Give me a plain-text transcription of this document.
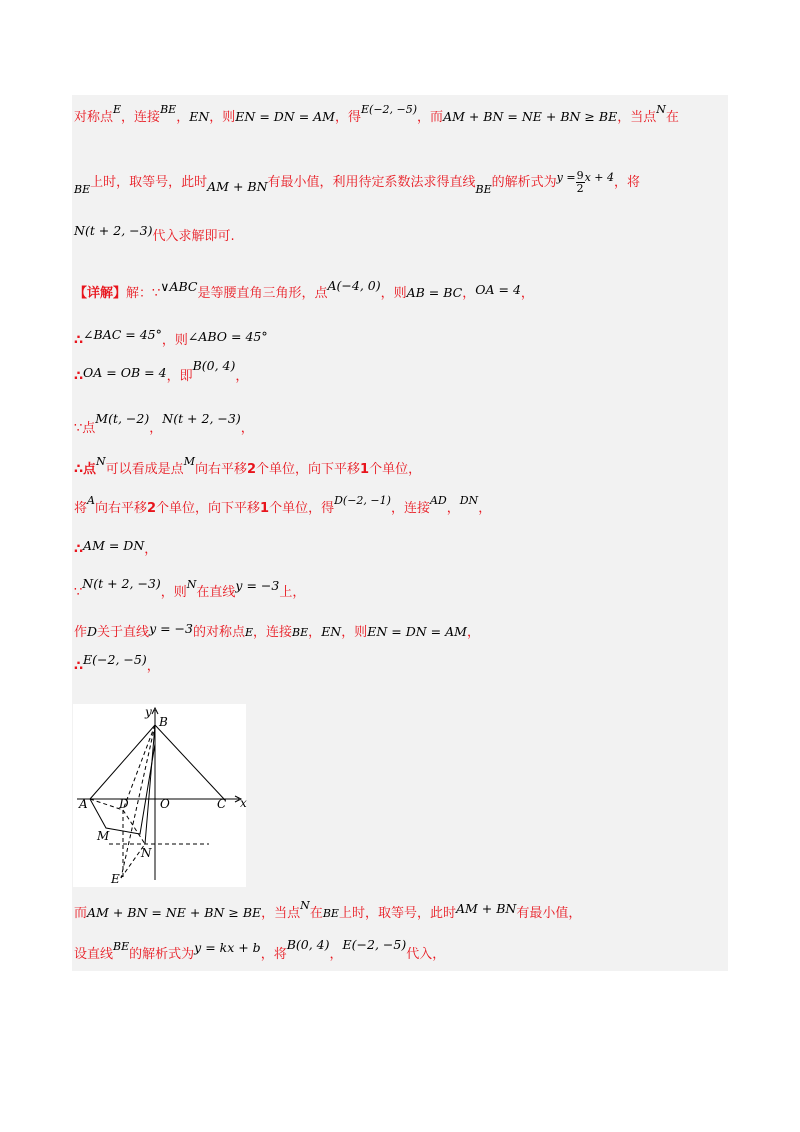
对称点$^E$，连接$^{BE}$，EN，则EN = DN = AM，得$^{E(-2, -5)}$，而AM + BN = NE + BN ≥ BE，当点$^N$在
$_{BE}$上时，取等号，此时AM + BN有最小值，利用待定系数法求得直线$_{BE}$的解析式为$^{y =} \frac{9}{2} ^{x + 4}$，将
N(t + 2, −3)代入求解即可.
【详解】解：∵∨ABC是等腰直角三角形，点A(−4, 0)，则AB = BC，OA = 4，
∴∠BAC = 45°，则∠ABO = 45°
∴OA = OB = 4，即B(0, 4)，
∵点M(t, −2)，N(t + 2, −3)，
∴点$^N$可以看成是点$^M$向右平移2个单位，向下平移1个单位，
将$^A$向右平移2个单位，向下平移1个单位，得$^{D(-2, -1)}$，连接$^{AD}$，$^{DN}$，
∴AM = DN，
∵N(t + 2, −3)，则$^N$在直线y = −3上，
作D关于直线y = −3的对称点E，连接BE，EN，则EN = DN = AM，
∴E(−2, −5)，
y
x
B
A	D	O	C
M
N
E
而AM + BN = NE + BN ≥ BE，当点$^N$在BE上时，取等号，此时AM + BN有最小值，
设直线$^{BE}$的解析式为y = kx + b，将B(0, 4)，E(−2, −5)代入，
